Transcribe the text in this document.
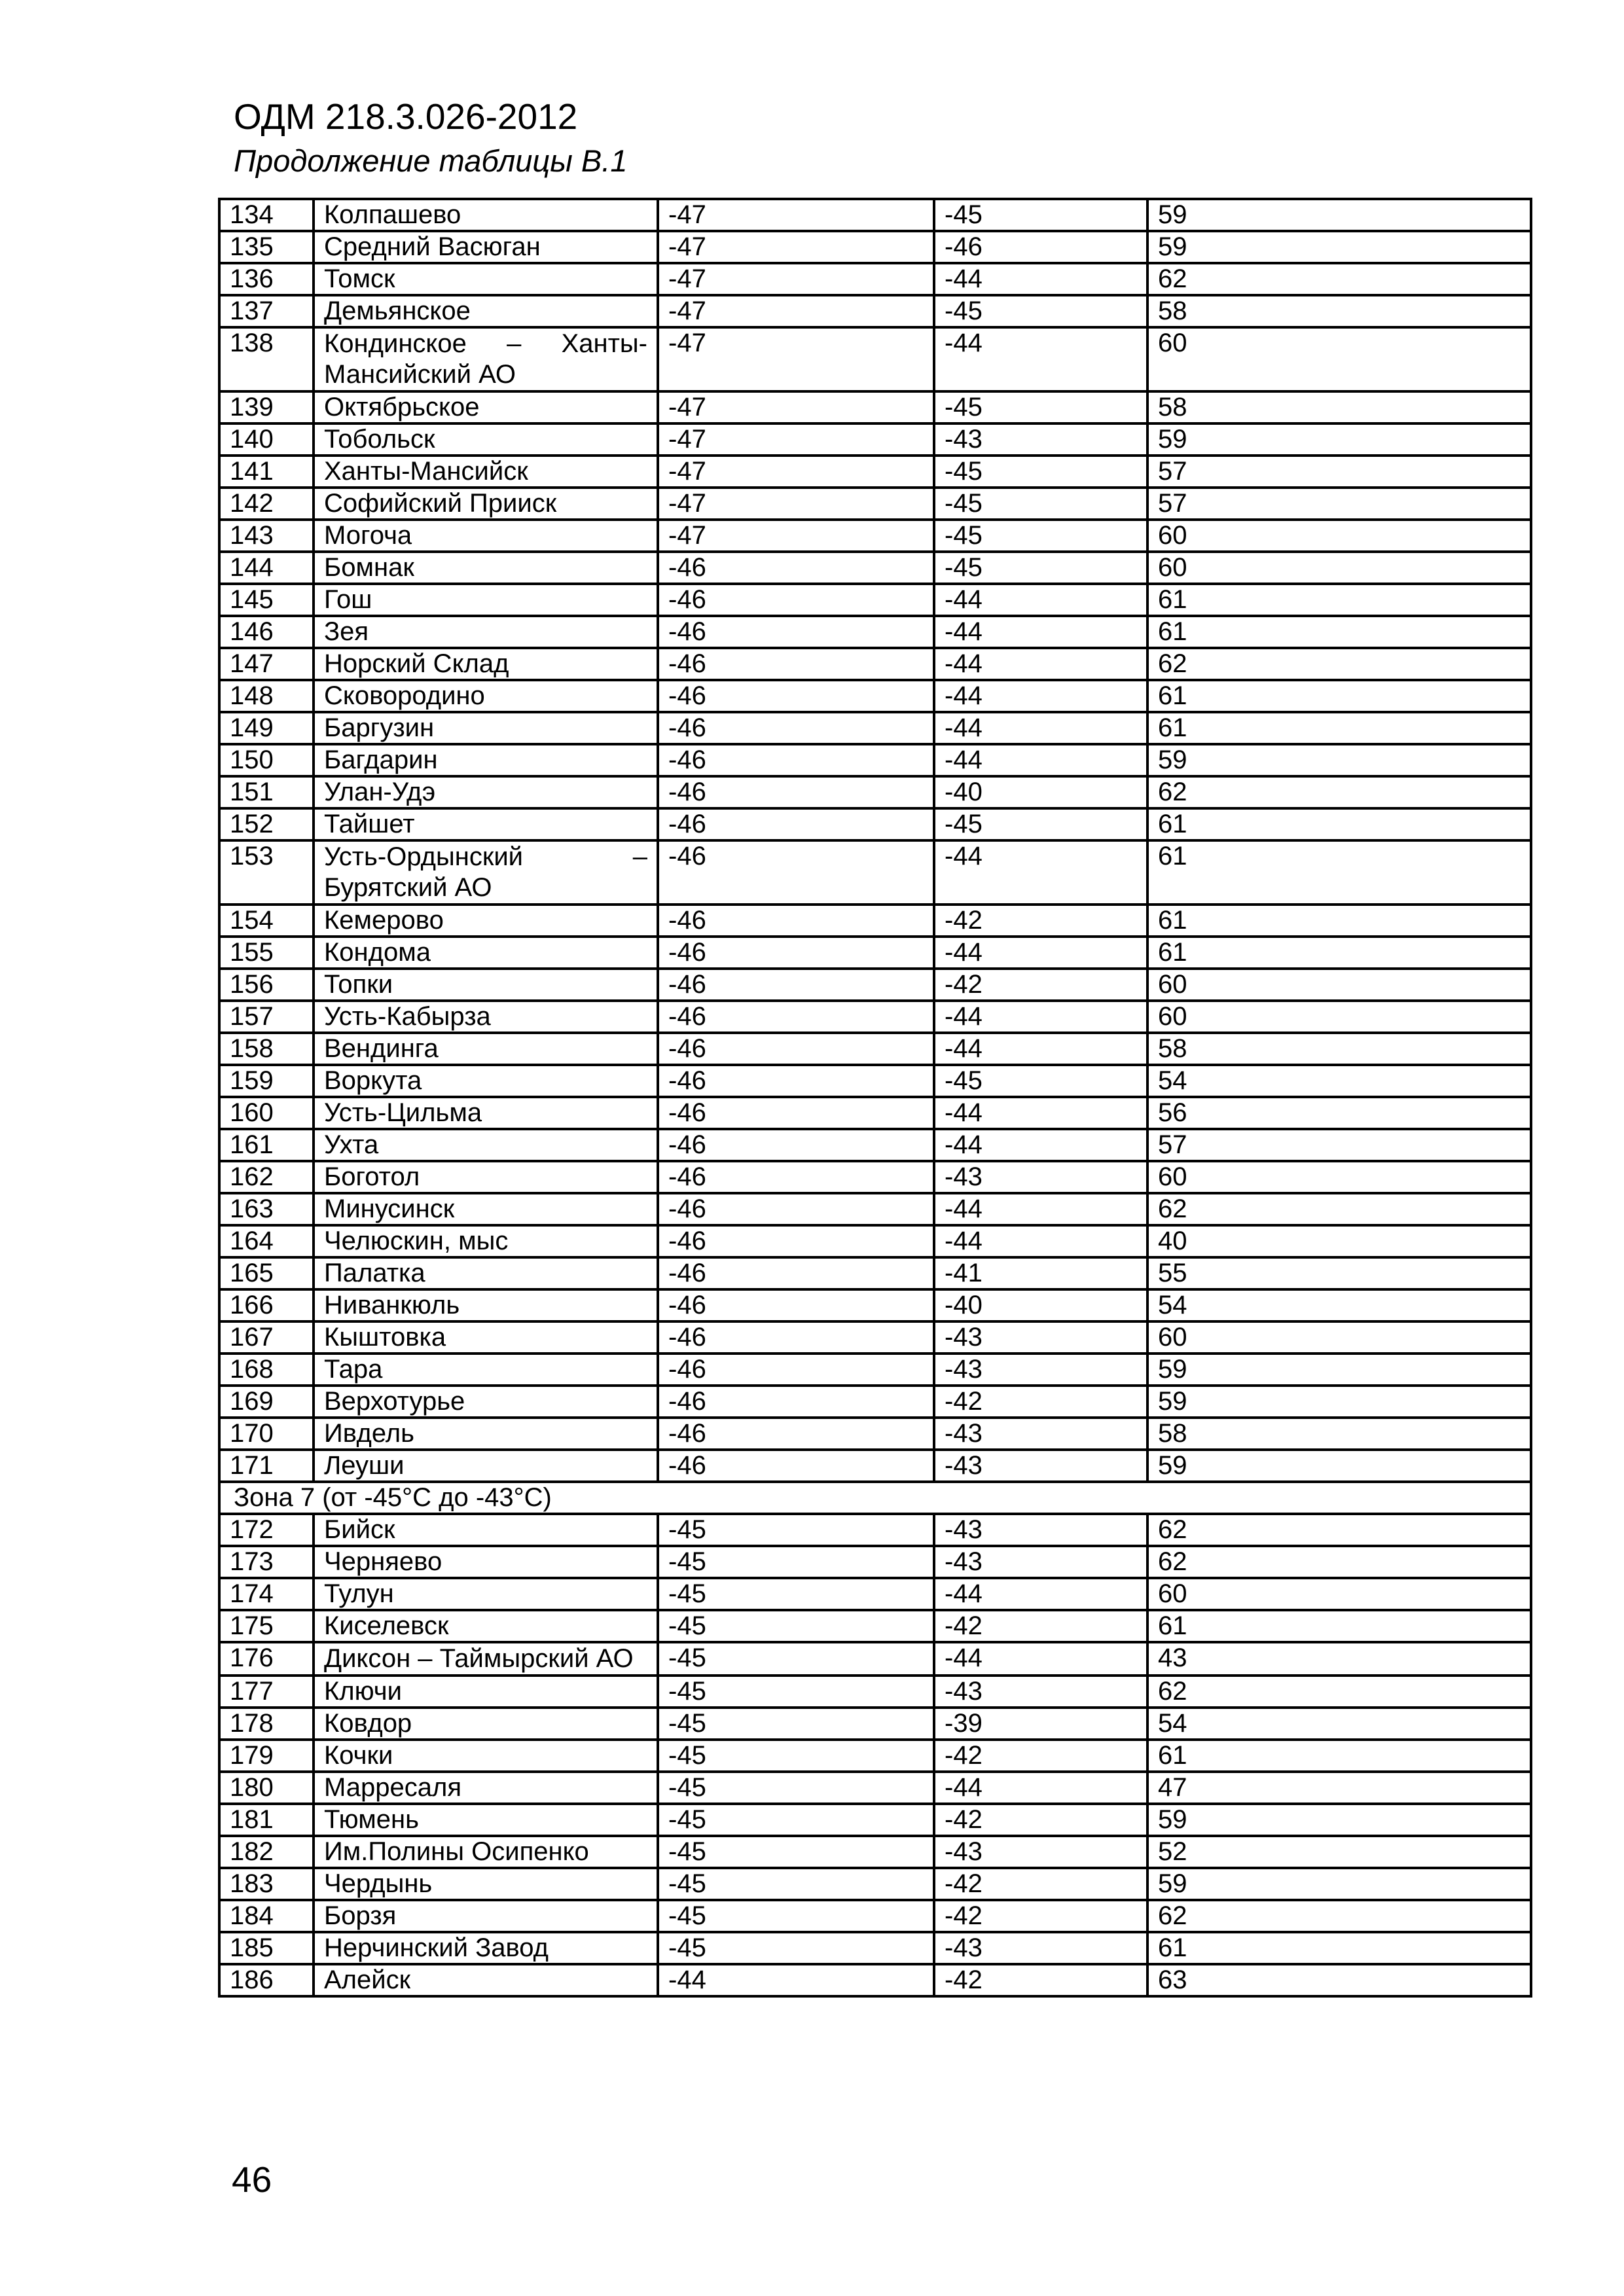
ОДМ 218.3.026-2012

Продолжение таблицы В.1

134	Колпашево	-47	-45	59
135	Средний Васюган	-47	-46	59
136	Томск	-47	-44	62
137	Демьянское	-47	-45	58
138	Кондинское – Ханты-Мансийский АО	-47	-44	60
139	Октябрьское	-47	-45	58
140	Тобольск	-47	-43	59
141	Ханты-Мансийск	-47	-45	57
142	Софийский Прииск	-47	-45	57
143	Могоча	-47	-45	60
144	Бомнак	-46	-45	60
145	Гош	-46	-44	61
146	Зея	-46	-44	61
147	Норский Склад	-46	-44	62
148	Сковородино	-46	-44	61
149	Баргузин	-46	-44	61
150	Багдарин	-46	-44	59
151	Улан-Удэ	-46	-40	62
152	Тайшет	-46	-45	61
153	Усть-Ордынский – Бурятский АО	-46	-44	61
154	Кемерово	-46	-42	61
155	Кондома	-46	-44	61
156	Топки	-46	-42	60
157	Усть-Кабырза	-46	-44	60
158	Вендинга	-46	-44	58
159	Воркута	-46	-45	54
160	Усть-Цильма	-46	-44	56
161	Ухта	-46	-44	57
162	Боготол	-46	-43	60
163	Минусинск	-46	-44	62
164	Челюскин, мыс	-46	-44	40
165	Палатка	-46	-41	55
166	Ниванкюль	-46	-40	54
167	Кыштовка	-46	-43	60
168	Тара	-46	-43	59
169	Верхотурье	-46	-42	59
170	Ивдель	-46	-43	58
171	Леуши	-46	-43	59
Зона 7 (от -45°C до -43°C)				
172	Бийск	-45	-43	62
173	Черняево	-45	-43	62
174	Тулун	-45	-44	60
175	Киселевск	-45	-42	61
176	Диксон – Таймырский АО	-45	-44	43
177	Ключи	-45	-43	62
178	Ковдор	-45	-39	54
179	Кочки	-45	-42	61
180	Марресаля	-45	-44	47
181	Тюмень	-45	-42	59
182	Им.Полины Осипенко	-45	-43	52
183	Чердынь	-45	-42	59
184	Борзя	-45	-42	62
185	Нерчинский Завод	-45	-43	61
186	Алейск	-44	-42	63
46
